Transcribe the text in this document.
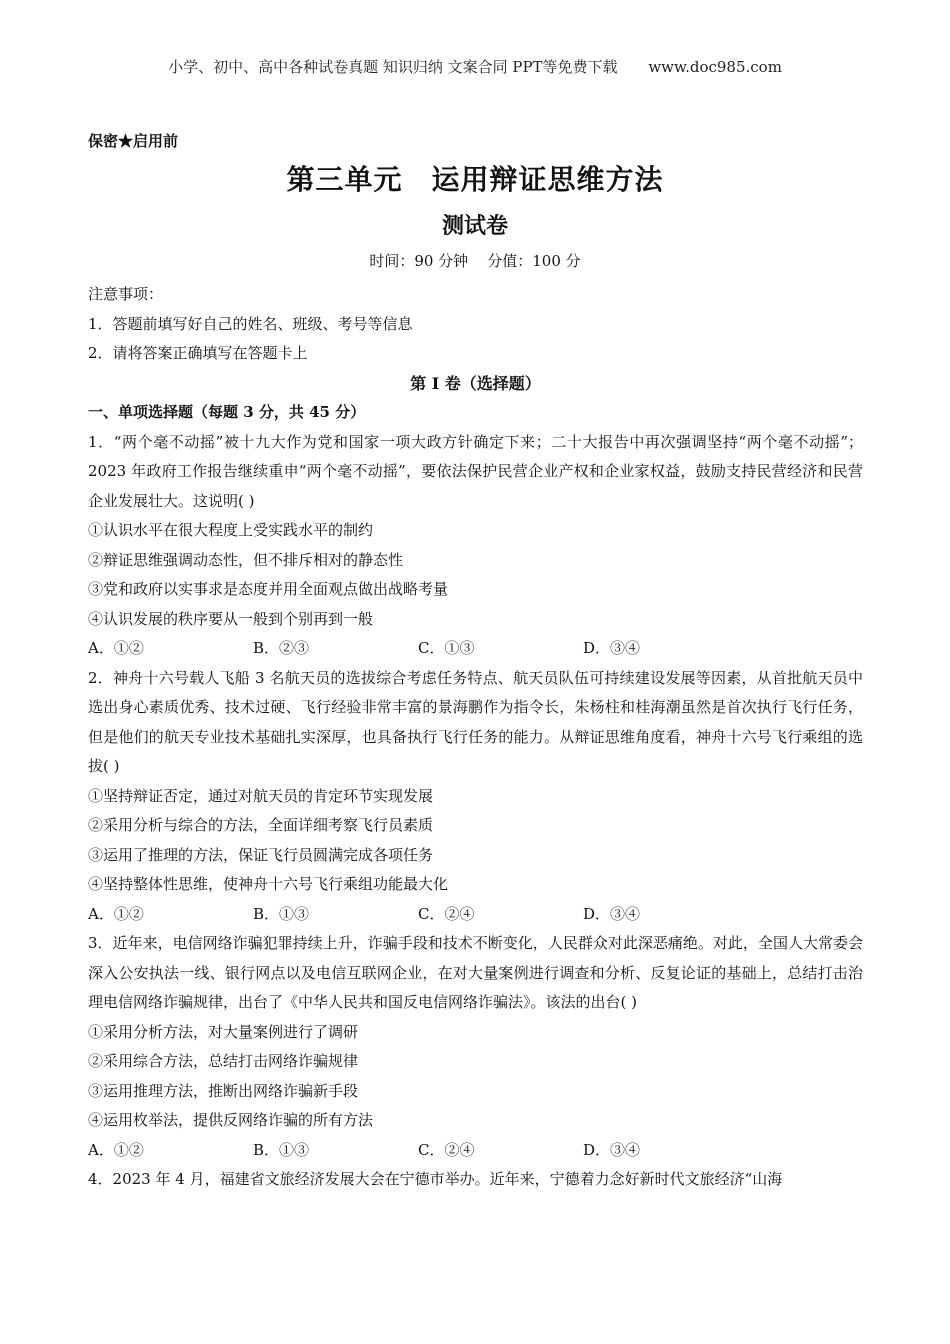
小学、初中、高中各种试卷真题 知识归纳 文案合同 PPT等免费下载 www.doc985.com
保密★启用前
第三单元　运用辩证思维方法
测试卷
时间：90 分钟    分值：100 分
注意事项：
1．答题前填写好自己的姓名、班级、考号等信息
2．请将答案正确填写在答题卡上
第 I 卷（选择题）
一、单项选择题（每题 3 分，共 45 分）
1．“两个毫不动摇”被十九大作为党和国家一项大政方针确定下来；二十大报告中再次强调坚持“两个毫不动摇”；2023 年政府工作报告继续重申“两个毫不动摇”，要依法保护民营企业产权和企业家权益，鼓励支持民营经济和民营企业发展壮大。这说明( )
①认识水平在很大程度上受实践水平的制约
②辩证思维强调动态性，但不排斥相对的静态性
③党和政府以实事求是态度并用全面观点做出战略考量
④认识发展的秩序要从一般到个别再到一般
A．①②	B．②③	C．①③	D．③④
2．神舟十六号载人飞船 3 名航天员的选拔综合考虑任务特点、航天员队伍可持续建设发展等因素，从首批航天员中选出身心素质优秀、技术过硬、飞行经验非常丰富的景海鹏作为指令长，朱杨柱和桂海潮虽然是首次执行飞行任务，但是他们的航天专业技术基础扎实深厚，也具备执行飞行任务的能力。从辩证思维角度看，神舟十六号飞行乘组的选拔( )
①坚持辩证否定，通过对航天员的肯定环节实现发展
②采用分析与综合的方法，全面详细考察飞行员素质
③运用了推理的方法，保证飞行员圆满完成各项任务
④坚持整体性思维，使神舟十六号飞行乘组功能最大化
A．①②	B．①③	C．②④	D．③④
3．近年来，电信网络诈骗犯罪持续上升，诈骗手段和技术不断变化，人民群众对此深恶痛绝。对此，全国人大常委会深入公安执法一线、银行网点以及电信互联网企业，在对大量案例进行调查和分析、反复论证的基础上，总结打击治理电信网络诈骗规律，出台了《中华人民共和国反电信网络诈骗法》。该法的出台( )
①采用分析方法，对大量案例进行了调研
②采用综合方法，总结打击网络诈骗规律
③运用推理方法，推断出网络诈骗新手段
④运用枚举法，提供反网络诈骗的所有方法
A．①②	B．①③	C．②④	D．③④
4．2023 年 4 月，福建省文旅经济发展大会在宁德市举办。近年来，宁德着力念好新时代文旅经济“山海
